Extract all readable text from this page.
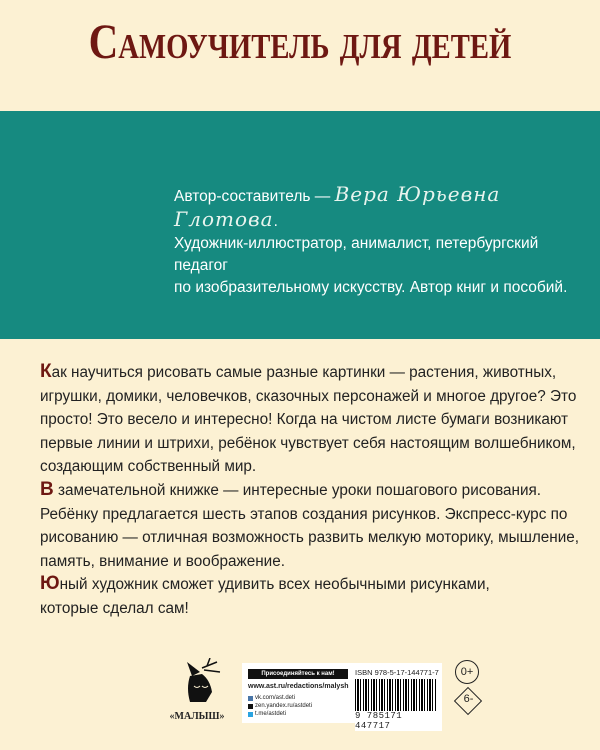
Самоучитель для детей
Автор-составитель — Вера Юрьевна Глотова.
Художник-иллюстратор, анималист, петербургский педагог
по изобразительному искусству. Автор книг и пособий.
Как научиться рисовать самые разные картинки — растения, животных, игрушки, домики, человечков, сказочных персонажей и многое другое? Это просто! Это весело и интересно! Когда на чистом листе бумаги возникают первые линии и штрихи, ребёнок чувствует себя настоящим волшебником, создающим собственный мир.
В замечательной книжке — интересные уроки пошагового рисования. Ребёнку предлагается шесть этапов создания рисунков. Экспресс-курс по рисованию — отличная возможность развить мелкую моторику, мышление, память, внимание и воображение.
Юный художник сможет удивить всех необычными рисунками, которые сделал сам!
«МАЛЫШ»
Присоединяйтесь к нам!
www.ast.ru/redactions/malysh
vk.com/ast.deti
zen.yandex.ru/astdeti
t.me/astdeti
ISBN 978-5-17-144771-7
9 785171 447717
0+
6-
